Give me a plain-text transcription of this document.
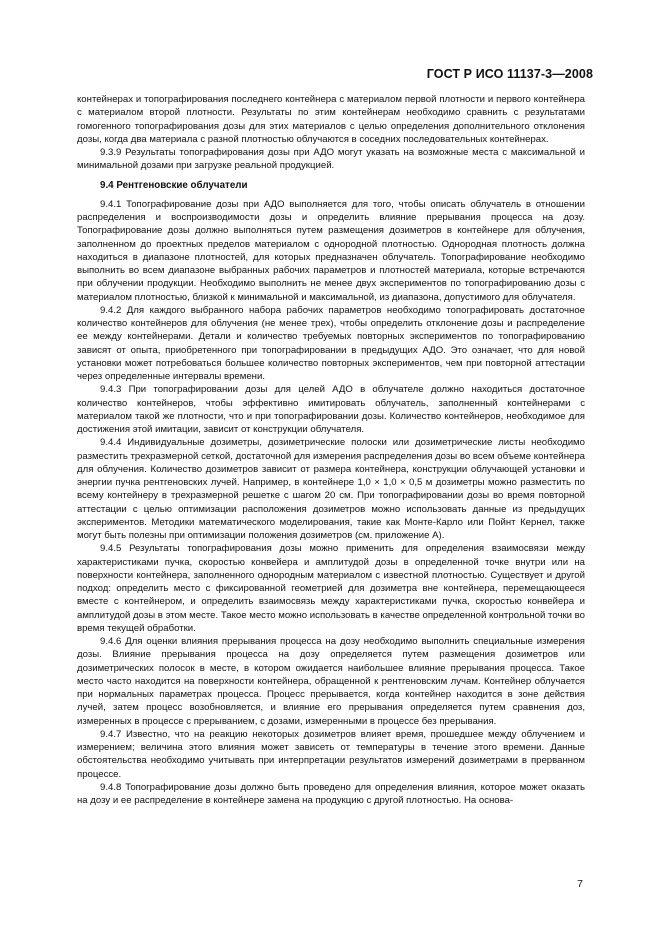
ГОСТ Р ИСО 11137-3—2008

контейнерах и топографирования последнего контейнера с материалом первой плотности и первого контейнера с материалом второй плотности. Результаты по этим контейнерам необходимо сравнить с результатами гомогенного топографирования дозы для этих материалов с целью определения дополнительного отклонения дозы, когда два материала с разной плотностью облучаются в соседних последовательных контейнерах.

9.3.9 Результаты топографирования дозы при АДО могут указать на возможные места с максимальной и минимальной дозами при загрузке реальной продукцией.

9.4 Рентгеновские облучатели

9.4.1 Топографирование дозы при АДО выполняется для того, чтобы описать облучатель в отношении распределения и воспроизводимости дозы и определить влияние прерывания процесса на дозу. Топографирование дозы должно выполняться путем размещения дозиметров в контейнере для облучения, заполненном до проектных пределов материалом с однородной плотностью. Однородная плотность должна находиться в диапазоне плотностей, для которых предназначен облучатель. Топографирование необходимо выполнить во всем диапазоне выбранных рабочих параметров и плотностей материала, которые встречаются при облучении продукции. Необходимо выполнить не менее двух экспериментов по топографированию дозы с материалом плотностью, близкой к минимальной и максимальной, из диапазона, допустимого для облучателя.

9.4.2 Для каждого выбранного набора рабочих параметров необходимо топографировать достаточное количество контейнеров для облучения (не менее трех), чтобы определить отклонение дозы и распределение ее между контейнерами. Детали и количество требуемых повторных экспериментов по топографированию зависят от опыта, приобретенного при топографировании в предыдущих АДО. Это означает, что для новой установки может потребоваться большее количество повторных экспериментов, чем при повторной аттестации через определенные интервалы времени.

9.4.3 При топографировании дозы для целей АДО в облучателе должно находиться достаточное количество контейнеров, чтобы эффективно имитировать облучатель, заполненный контейнерами с материалом такой же плотности, что и при топографировании дозы. Количество контейнеров, необходимое для достижения этой имитации, зависит от конструкции облучателя.

9.4.4 Индивидуальные дозиметры, дозиметрические полоски или дозиметрические листы необходимо разместить трехразмерной сеткой, достаточной для измерения распределения дозы во всем объеме контейнера для облучения. Количество дозиметров зависит от размера контейнера, конструкции облучающей установки и энергии пучка рентгеновских лучей. Например, в контейнере 1,0 × 1,0 × 0,5 м дозиметры можно разместить по всему контейнеру в трехразмерной решетке с шагом 20 см. При топографировании дозы во время повторной аттестации с целью оптимизации расположения дозиметров можно использовать данные из предыдущих экспериментов. Методики математического моделирования, такие как Монте-Карло или Пойнт Кернел, также могут быть полезны при оптимизации положения дозиметров (см. приложение А).

9.4.5 Результаты топографирования дозы можно применить для определения взаимосвязи между характеристиками пучка, скоростью конвейера и амплитудой дозы в определенной точке внутри или на поверхности контейнера, заполненного однородным материалом с известной плотностью. Существует и другой подход: определить место с фиксированной геометрией для дозиметра вне контейнера, перемещающееся вместе с контейнером, и определить взаимосвязь между характеристиками пучка, скоростью конвейера и амплитудой дозы в этом месте. Такое место можно использовать в качестве определенной контрольной точки во время текущей обработки.

9.4.6 Для оценки влияния прерывания процесса на дозу необходимо выполнить специальные измерения дозы. Влияние прерывания процесса на дозу определяется путем размещения дозиметров или дозиметрических полосок в месте, в котором ожидается наибольшее влияние прерывания процесса. Такое место часто находится на поверхности контейнера, обращенной к рентгеновским лучам. Контейнер облучается при нормальных параметрах процесса. Процесс прерывается, когда контейнер находится в зоне действия лучей, затем процесс возобновляется, и влияние его прерывания определяется путем сравнения доз, измеренных в процессе с прерыванием, с дозами, измеренными в процессе без прерывания.

9.4.7 Известно, что на реакцию некоторых дозиметров влияет время, прошедшее между облучением и измерением; величина этого влияния может зависеть от температуры в течение этого времени. Данные обстоятельства необходимо учитывать при интерпретации результатов измерений дозиметрами в прерванном процессе.

9.4.8 Топографирование дозы должно быть проведено для определения влияния, которое может оказать на дозу и ее распределение в контейнере замена на продукцию с другой плотностью. На основа-

7
